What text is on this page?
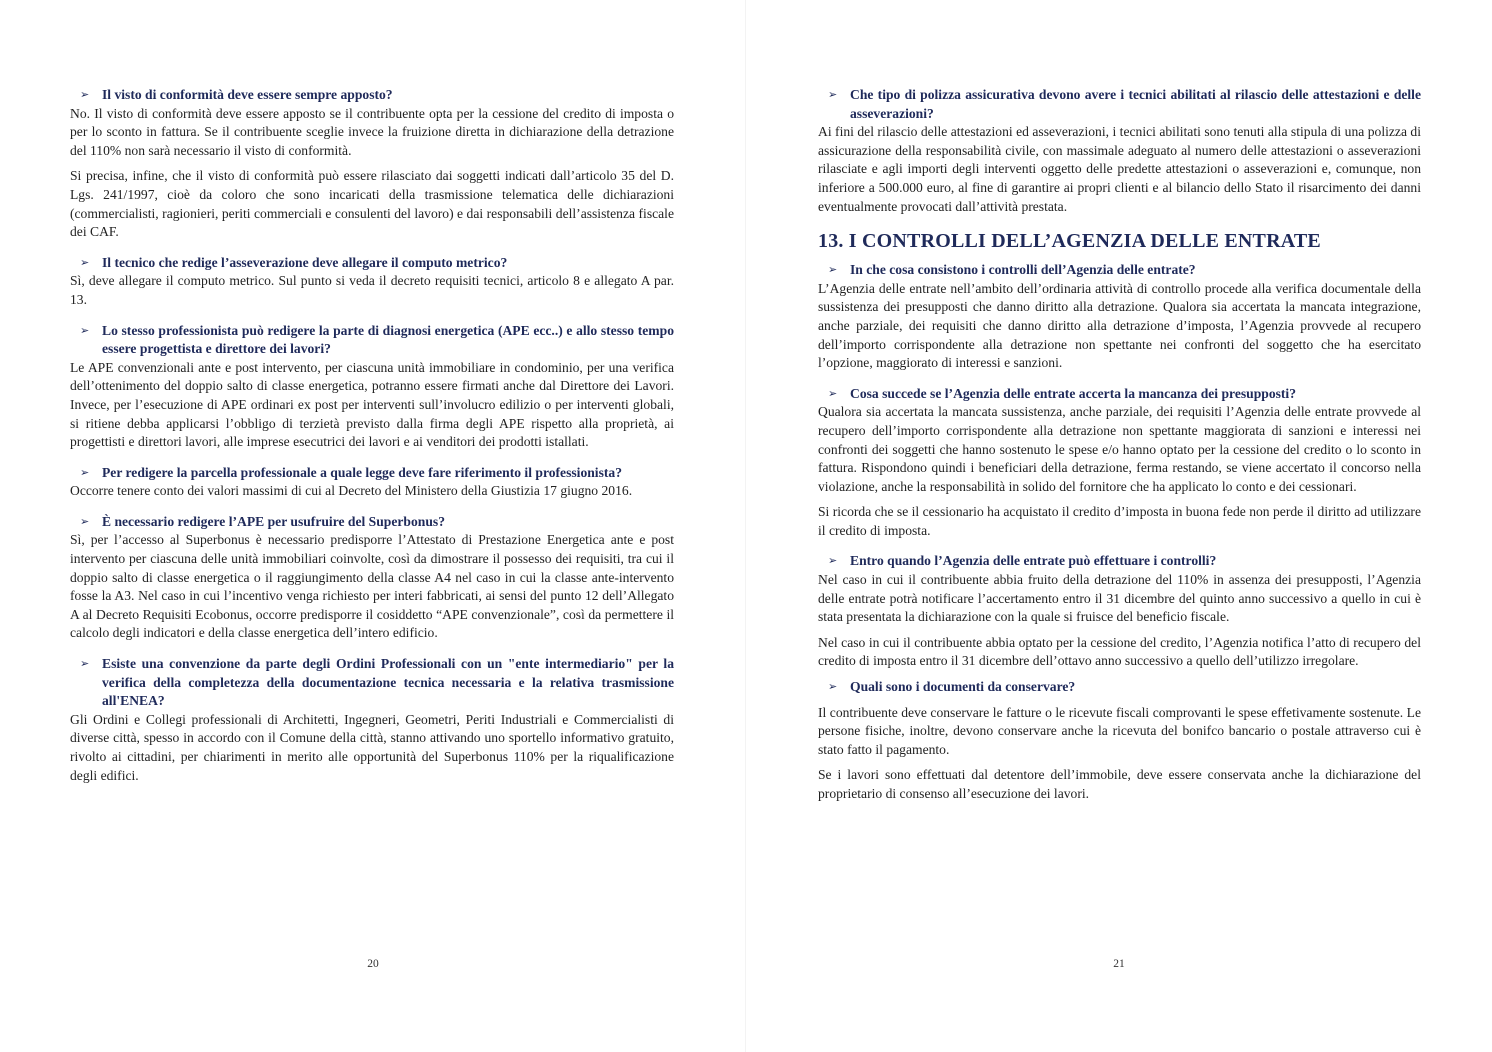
➢ Il visto di conformità deve essere sempre apposto?

No. Il visto di conformità deve essere apposto se il contribuente opta per la cessione del credito di imposta o per lo sconto in fattura. Se il contribuente sceglie invece la fruizione diretta in dichiarazione della detrazione del 110% non sarà necessario il visto di conformità.

Si precisa, infine, che il visto di conformità può essere rilasciato dai soggetti indicati dall’articolo 35 del D. Lgs. 241/1997, cioè da coloro che sono incaricati della trasmissione telematica delle dichiarazioni (commercialisti, ragionieri, periti commerciali e consulenti del lavoro) e dai responsabili dell’assistenza fiscale dei CAF.

➢ Il tecnico che redige l’asseverazione deve allegare il computo metrico?

Sì, deve allegare il computo metrico. Sul punto si veda il decreto requisiti tecnici, articolo 8 e allegato A par. 13.

➢ Lo stesso professionista può redigere la parte di diagnosi energetica (APE ecc..) e allo stesso tempo essere progettista e direttore dei lavori?

Le APE convenzionali ante e post intervento, per ciascuna unità immobiliare in condominio, per una verifica dell’ottenimento del doppio salto di classe energetica, potranno essere firmati anche dal Direttore dei Lavori. Invece, per l’esecuzione di APE ordinari ex post per interventi sull’involucro edilizio o per interventi globali, si ritiene debba applicarsi l’obbligo di terzietà previsto dalla firma degli APE rispetto alla proprietà, ai progettisti e direttori lavori, alle imprese esecutrici dei lavori e ai venditori dei prodotti istallati.

➢ Per redigere la parcella professionale a quale legge deve fare riferimento il professionista?

Occorre tenere conto dei valori massimi di cui al Decreto del Ministero della Giustizia 17 giugno 2016.

➢ È necessario redigere l’APE per usufruire del Superbonus?

Sì, per l’accesso al Superbonus è necessario predisporre l’Attestato di Prestazione Energetica ante e post intervento per ciascuna delle unità immobiliari coinvolte, così da dimostrare il possesso dei requisiti, tra cui il doppio salto di classe energetica o il raggiungimento della classe A4 nel caso in cui la classe ante-intervento fosse la A3. Nel caso in cui l’incentivo venga richiesto per interi fabbricati, ai sensi del punto 12 dell’Allegato A al Decreto Requisiti Ecobonus, occorre predisporre il cosiddetto “APE convenzionale”, così da permettere il calcolo degli indicatori e della classe energetica dell’intero edificio.

➢ Esiste una convenzione da parte degli Ordini Professionali con un "ente intermediario" per la verifica della completezza della documentazione tecnica necessaria e la relativa trasmissione all'ENEA?

Gli Ordini e Collegi professionali di Architetti, Ingegneri, Geometri, Periti Industriali e Commercialisti di diverse città, spesso in accordo con il Comune della città, stanno attivando uno sportello informativo gratuito, rivolto ai cittadini, per chiarimenti in merito alle opportunità del Superbonus 110% per la riqualificazione degli edifici.

20

➢ Che tipo di polizza assicurativa devono avere i tecnici abilitati al rilascio delle attestazioni e delle asseverazioni?

Ai fini del rilascio delle attestazioni ed asseverazioni, i tecnici abilitati sono tenuti alla stipula di una polizza di assicurazione della responsabilità civile, con massimale adeguato al numero delle attestazioni o asseverazioni rilasciate e agli importi degli interventi oggetto delle predette attestazioni o asseverazioni e, comunque, non inferiore a 500.000 euro, al fine di garantire ai propri clienti e al bilancio dello Stato il risarcimento dei danni eventualmente provocati dall’attività prestata.

13. I CONTROLLI DELL’AGENZIA DELLE ENTRATE

➢ In che cosa consistono i controlli dell’Agenzia delle entrate?

L’Agenzia delle entrate nell’ambito dell’ordinaria attività di controllo procede alla verifica documentale della sussistenza dei presupposti che danno diritto alla detrazione. Qualora sia accertata la mancata integrazione, anche parziale, dei requisiti che danno diritto alla detrazione d’imposta, l’Agenzia provvede al recupero dell’importo corrispondente alla detrazione non spettante nei confronti del soggetto che ha esercitato l’opzione, maggiorato di interessi e sanzioni.

➢ Cosa succede se l’Agenzia delle entrate accerta la mancanza dei presupposti?

Qualora sia accertata la mancata sussistenza, anche parziale, dei requisiti l’Agenzia delle entrate provvede al recupero dell’importo corrispondente alla detrazione non spettante maggiorata di sanzioni e interessi nei confronti dei soggetti che hanno sostenuto le spese e/o hanno optato per la cessione del credito o lo sconto in fattura. Rispondono quindi i beneficiari della detrazione, ferma restando, se viene accertato il concorso nella violazione, anche la responsabilità in solido del fornitore che ha applicato lo conto e dei cessionari.

Si ricorda che se il cessionario ha acquistato il credito d’imposta in buona fede non perde il diritto ad utilizzare il credito di imposta.

➢ Entro quando l’Agenzia delle entrate può effettuare i controlli?

Nel caso in cui il contribuente abbia fruito della detrazione del 110% in assenza dei presupposti, l’Agenzia delle entrate potrà notificare l’accertamento entro il 31 dicembre del quinto anno successivo a quello in cui è stata presentata la dichiarazione con la quale si fruisce del beneficio fiscale.

Nel caso in cui il contribuente abbia optato per la cessione del credito, l’Agenzia notifica l’atto di recupero del credito di imposta entro il 31 dicembre dell’ottavo anno successivo a quello dell’utilizzo irregolare.

➢ Quali sono i documenti da conservare?

Il contribuente deve conservare le fatture o le ricevute fiscali comprovanti le spese effetivamente sostenute. Le persone fisiche, inoltre, devono conservare anche la ricevuta del bonifco bancario o postale attraverso cui è stato fatto il pagamento.

Se i lavori sono effettuati dal detentore dell’immobile, deve essere conservata anche la dichiarazione del proprietario di consenso all’esecuzione dei lavori.

21
